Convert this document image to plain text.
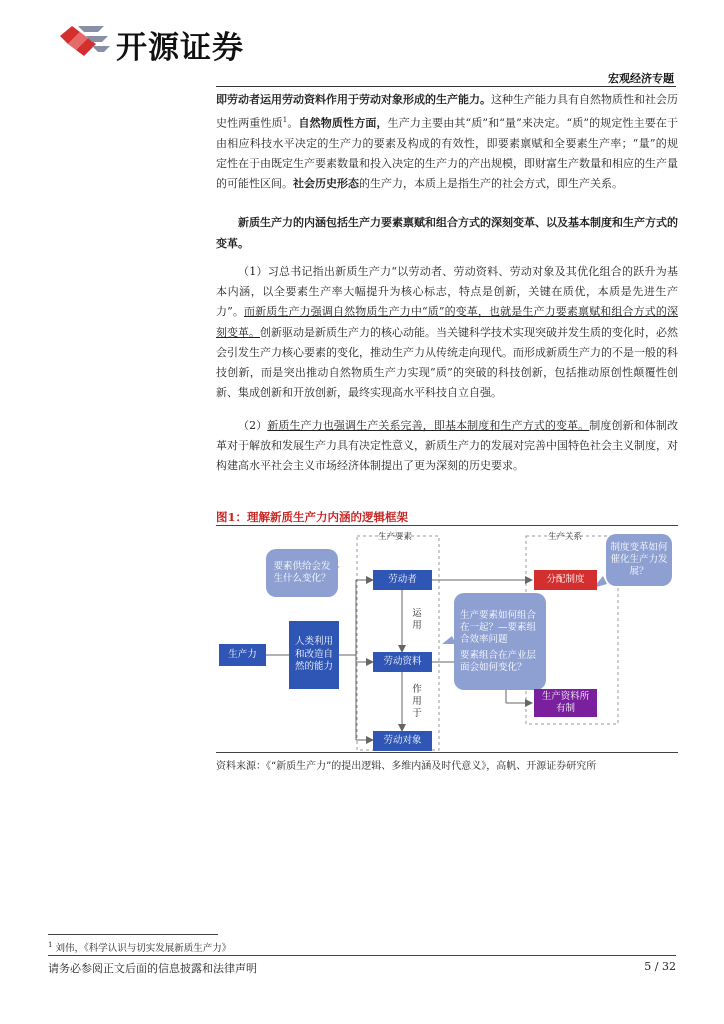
开源证券
宏观经济专题
即劳动者运用劳动资料作用于劳动对象形成的生产能力。这种生产能力具有自然物质性和社会历史性两重性质$^1$。自然物质性方面，生产力主要由其“质”和“量”来决定。“质”的规定性主要在于由相应科技水平决定的生产力的要素及构成的有效性，即要素禀赋和全要素生产率；“量”的规定性在于由既定生产要素数量和投入决定的生产力的产出规模，即财富生产数量和相应的生产量的可能性区间。社会历史形态的生产力，本质上是指生产的社会方式，即生产关系。
新质生产力的内涵包括生产力要素禀赋和组合方式的深刻变革、以及基本制度和生产方式的变革。
（1）习总书记指出新质生产力“以劳动者、劳动资料、劳动对象及其优化组合的跃升为基本内涵，以全要素生产率大幅提升为核心标志，特点是创新，关键在质优，本质是先进生产力”。而新质生产力强调自然物质生产力中“质”的变革，也就是生产力要素禀赋和组合方式的深刻变革。创新驱动是新质生产力的核心动能。当关键科学技术实现突破并发生质的变化时，必然会引发生产力核心要素的变化，推动生产力从传统走向现代。而形成新质生产力的不是一般的科技创新，而是突出推动自然物质生产力实现“质”的突破的科技创新，包括推动原创性颠覆性创新、集成创新和开放创新，最终实现高水平科技自立自强。
（2）新质生产力也强调生产关系完善，即基本制度和生产方式的变革。制度创新和体制改革对于解放和发展生产力具有决定性意义，新质生产力的发展对完善中国特色社会主义制度，对构建高水平社会主义市场经济体制提出了更为深刻的历史要求。
图1：理解新质生产力内涵的逻辑框架
生产要素	生产关系
要素供给会发生什么变化？
制度变革如何催化生产力发展？
生产要素如何组合在一起？—要素组合效率问题
要素组合在产业层面会如何变化？
生产力
人类利用和改造自然的能力
劳动者
劳动资料
劳动对象
分配制度
生产资料所有制
运用
作用于
资料来源：《“新质生产力”的提出逻辑、多维内涵及时代意义》，高帆、开源证券研究所
$^1$ 刘伟，《科学认识与切实发展新质生产力》
请务必参阅正文后面的信息披露和法律声明	5 / 32
